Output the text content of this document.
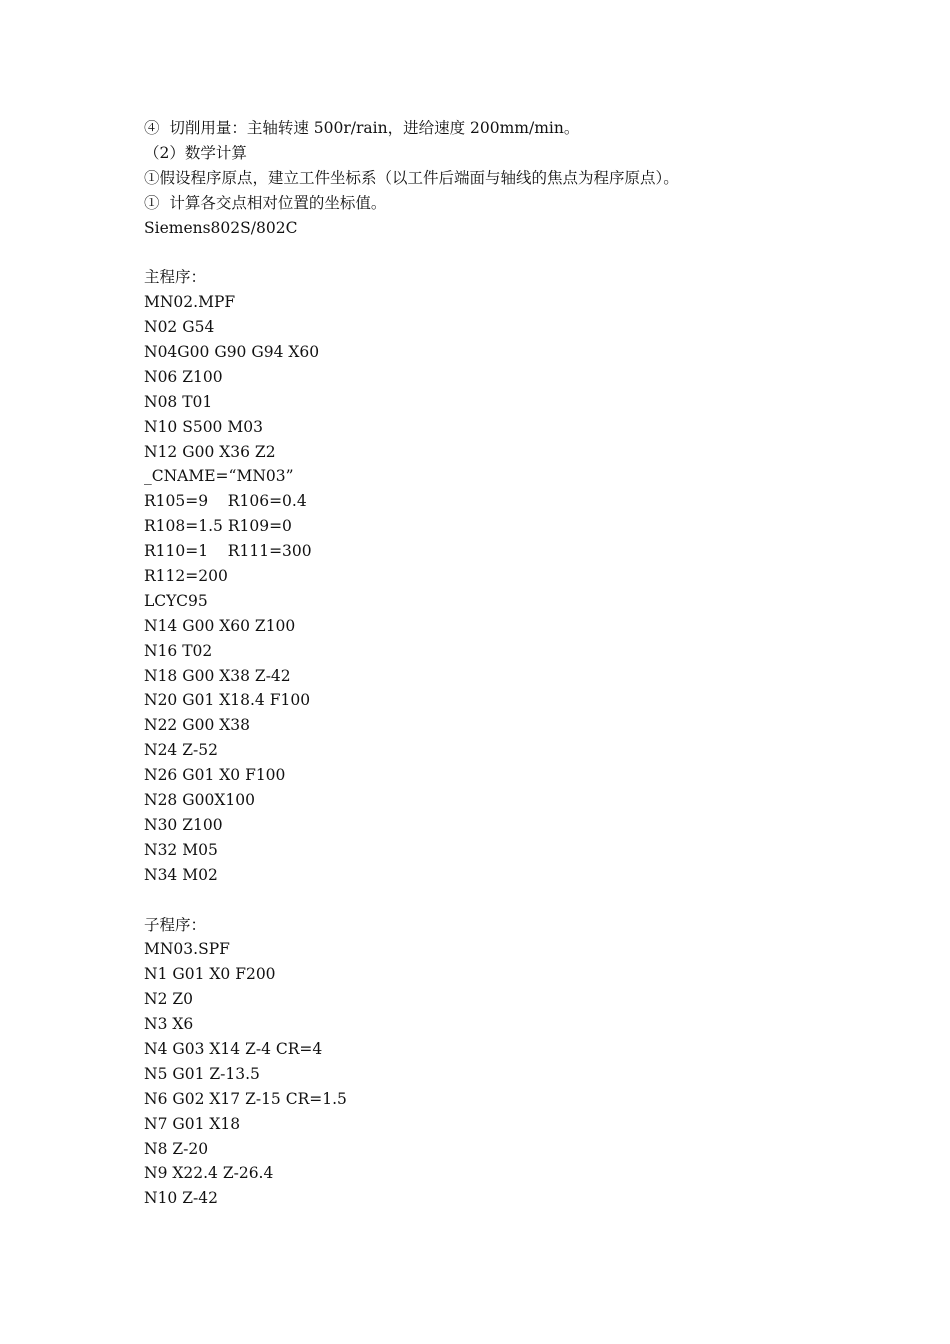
④  切削用量：主轴转速 500r/rain，进给速度 200mm/min。
（2）数学计算
①假设程序原点，建立工件坐标系（以工件后端面与轴线的焦点为程序原点）。
①  计算各交点相对位置的坐标值。
Siemens802S/802C
主程序：
MN02.MPF
N02 G54
N04G00 G90 G94 X60
N06 Z100
N08 T01
N10 S500 M03
N12 G00 X36 Z2
_CNAME=“MN03”
R105=9    R106=0.4
R108=1.5 R109=0
R110=1    R111=300
R112=200
LCYC95
N14 G00 X60 Z100
N16 T02
N18 G00 X38 Z-42
N20 G01 X18.4 F100
N22 G00 X38
N24 Z-52
N26 G01 X0 F100
N28 G00X100
N30 Z100
N32 M05
N34 M02
子程序：
MN03.SPF
N1 G01 X0 F200
N2 Z0
N3 X6
N4 G03 X14 Z-4 CR=4
N5 G01 Z-13.5
N6 G02 X17 Z-15 CR=1.5
N7 G01 X18
N8 Z-20
N9 X22.4 Z-26.4
N10 Z-42
